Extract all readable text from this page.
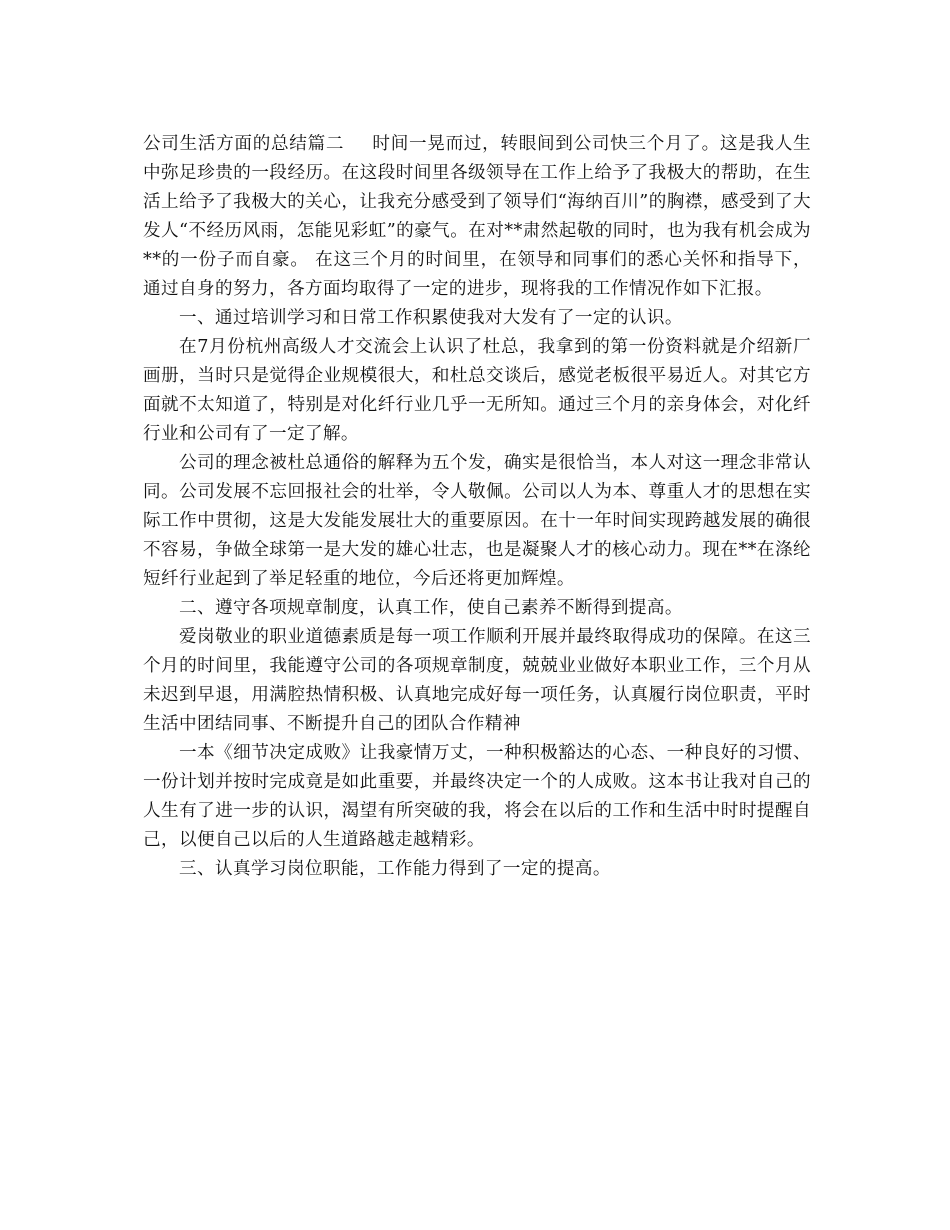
公司生活方面的总结篇二 时间一晃而过，转眼间到公司快三个月了。这是我人生中弥足珍贵的一段经历。在这段时间里各级领导在工作上给予了我极大的帮助，在生活上给予了我极大的关心，让我充分感受到了领导们“海纳百川”的胸襟，感受到了大发人“不经历风雨，怎能见彩虹”的豪气。在对**肃然起敬的同时，也为我有机会成为**的一份子而自豪。 在这三个月的时间里，在领导和同事们的悉心关怀和指导下，通过自身的努力，各方面均取得了一定的进步，现将我的工作情况作如下汇报。

一、通过培训学习和日常工作积累使我对大发有了一定的认识。

在7月份杭州高级人才交流会上认识了杜总，我拿到的第一份资料就是介绍新厂画册，当时只是觉得企业规模很大，和杜总交谈后，感觉老板很平易近人。对其它方面就不太知道了，特别是对化纤行业几乎一无所知。通过三个月的亲身体会，对化纤行业和公司有了一定了解。

公司的理念被杜总通俗的解释为五个发，确实是很恰当，本人对这一理念非常认同。公司发展不忘回报社会的壮举，令人敬佩。公司以人为本、尊重人才的思想在实际工作中贯彻，这是大发能发展壮大的重要原因。在十一年时间实现跨越发展的确很不容易，争做全球第一是大发的雄心壮志，也是凝聚人才的核心动力。现在**在涤纶短纤行业起到了举足轻重的地位，今后还将更加辉煌。

二、遵守各项规章制度，认真工作，使自己素养不断得到提高。

爱岗敬业的职业道德素质是每一项工作顺利开展并最终取得成功的保障。在这三个月的时间里，我能遵守公司的各项规章制度，兢兢业业做好本职业工作，三个月从未迟到早退，用满腔热情积极、认真地完成好每一项任务，认真履行岗位职责，平时生活中团结同事、不断提升自己的团队合作精神

一本《细节决定成败》让我豪情万丈，一种积极豁达的心态、一种良好的习惯、一份计划并按时完成竟是如此重要，并最终决定一个的人成败。这本书让我对自己的人生有了进一步的认识，渴望有所突破的我，将会在以后的工作和生活中时时提醒自己，以便自己以后的人生道路越走越精彩。

三、认真学习岗位职能，工作能力得到了一定的提高。
